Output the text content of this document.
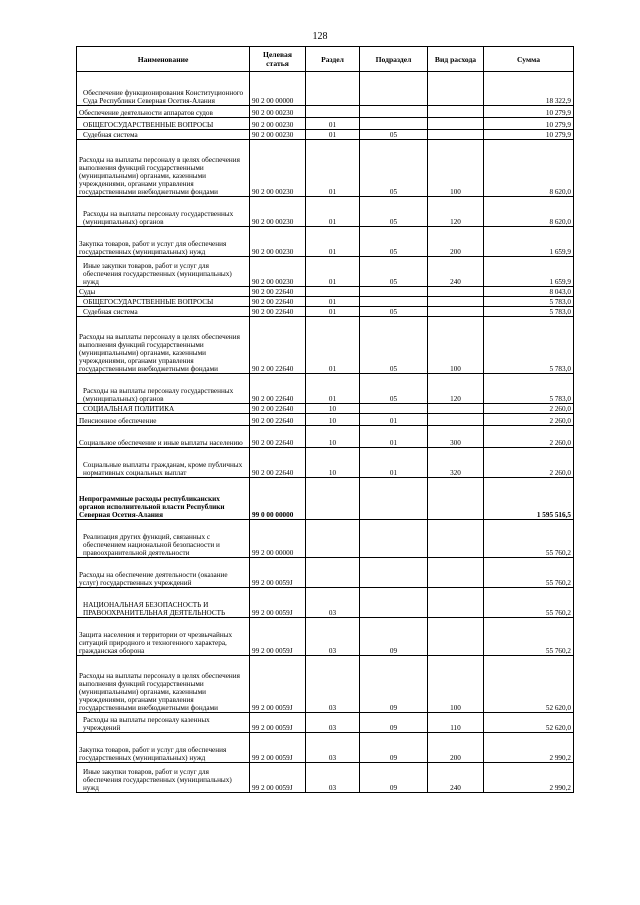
128
Наименование	Целевая статья	Раздел	Подраздел	Вид расхода	Сумма
Обеспечение функционирования Конституционного Суда Республики Северная Осетия-Алания	90 2 00 00000				18 322,9
Обеспечение деятельности аппаратов судов	90 2 00 00230				10 279,9
ОБЩЕГОСУДАРСТВЕННЫЕ ВОПРОСЫ	90 2 00 00230	01			10 279,9
Судебная система	90 2 00 00230	01	05		10 279,9
Расходы на выплаты персоналу в целях обеспечения выполнения функций государственными (муниципальными) органами, казенными учреждениями, органами управления государственными внебюджетными фондами	90 2 00 00230	01	05	100	8 620,0
Расходы на выплаты персоналу государственных (муниципальных) органов	90 2 00 00230	01	05	120	8 620,0
Закупка товаров, работ и услуг для обеспечения государственных (муниципальных) нужд	90 2 00 00230	01	05	200	1 659,9
Иные закупки товаров, работ и услуг для обеспечения государственных (муниципальных) нужд	90 2 00 00230	01	05	240	1 659,9
Суды	90 2 00 22640				8 043,0
ОБЩЕГОСУДАРСТВЕННЫЕ ВОПРОСЫ	90 2 00 22640	01			5 783,0
Судебная система	90 2 00 22640	01	05		5 783,0
Расходы на выплаты персоналу в целях обеспечения выполнения функций государственными (муниципальными) органами, казенными учреждениями, органами управления государственными внебюджетными фондами	90 2 00 22640	01	05	100	5 783,0
Расходы на выплаты персоналу государственных (муниципальных) органов	90 2 00 22640	01	05	120	5 783,0
СОЦИАЛЬНАЯ ПОЛИТИКА	90 2 00 22640	10			2 260,0
Пенсионное обеспечение	90 2 00 22640	10	01		2 260,0
Социальное обеспечение и иные выплаты населению	90 2 00 22640	10	01	300	2 260,0
Социальные выплаты гражданам, кроме публичных нормативных социальных выплат	90 2 00 22640	10	01	320	2 260,0
Непрограммные расходы республиканских органов исполнительной власти Республики Северная Осетия-Алания	99 0 00 00000				1 595 516,5
Реализация других функций, связанных с обеспечением национальной безопасности и правоохранительной деятельности	99 2 00 00000				55 760,2
Расходы на обеспечение деятельности (оказание услуг) государственных учреждений	99 2 00 0059J				55 760,2
НАЦИОНАЛЬНАЯ БЕЗОПАСНОСТЬ И ПРАВООХРАНИТЕЛЬНАЯ ДЕЯТЕЛЬНОСТЬ	99 2 00 0059J	03			55 760,2
Защита населения и территории от чрезвычайных ситуаций природного и техногенного характера, гражданская оборона	99 2 00 0059J	03	09		55 760,2
Расходы на выплаты персоналу в целях обеспечения выполнения функций государственными (муниципальными) органами, казенными учреждениями, органами управления государственными внебюджетными фондами	99 2 00 0059J	03	09	100	52 620,0
Расходы на выплаты персоналу казенных учреждений	99 2 00 0059J	03	09	110	52 620,0
Закупка товаров, работ и услуг для обеспечения государственных (муниципальных) нужд	99 2 00 0059J	03	09	200	2 990,2
Иные закупки товаров, работ и услуг для обеспечения государственных (муниципальных) нужд	99 2 00 0059J	03	09	240	2 990,2
